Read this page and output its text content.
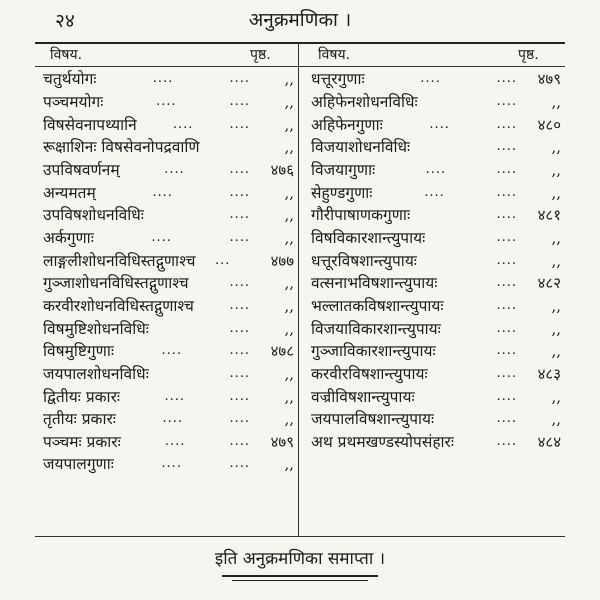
२४	अनुक्रमणिका ।
विषय.	पृष्ठ.	विषय.	पृष्ठ.
चतुर्थयोगः	....	....	,,
पञ्चमयोगः	....	....	,,
विषसेवनापथ्यानि	....	....	,,
रूक्षाशिनः विषसेवनोपद्रवाणि	,,
उपविषवर्णनम्	....	....	४७६
अन्यमतम्	....	....	,,
उपविषशोधनविधिः	....	,,
अर्कगुणाः	....	....	,,
लाङ्गलीशोधनविधिस्तद्गुणाश्च	...	४७७
गुञ्जाशोधनविधिस्तद्गुणाश्च	....	,,
करवीरशोधनविधिस्तद्गुणाश्च	....	,,
विषमुष्टिशोधनविधिः	....	,,
विषमुष्टिगुणाः	....	....	४७८
जयपालशोधनविधिः	....	,,
द्वितीयः प्रकारः	....	....	,,
तृतीयः प्रकारः	....	....	,,
पञ्चमः प्रकारः	....	....	४७९
जयपालगुणाः	....	....	,,
धत्तूरगुणाः	....	....	४७९
अहिफेनशोधनविधिः	....	,,
अहिफेनगुणाः	....	....	४८०
विजयाशोधनविधिः	....	,,
विजयागुणाः	....	....	,,
सेहुण्डगुणाः	....	....	,,
गौरीपाषाणकगुणाः	....	४८१
विषविकारशान्त्युपायः	....	,,
धत्तूरविषशान्त्युपायः	....	,,
वत्सनाभविषशान्त्युपायः	....	४८२
भल्लातकविषशान्त्युपायः	....	,,
विजयाविकारशान्त्युपायः	....	,,
गुञ्जाविकारशान्त्युपायः	....	,,
करवीरविषशान्त्युपायः	....	४८३
वज्रीविषशान्त्युपायः	....	,,
जयपालविषशान्त्युपायः	....	,,
अथ प्रथमखण्डस्योपसंहारः	....	४८४
इति अनुक्रमणिका समाप्ता ।
